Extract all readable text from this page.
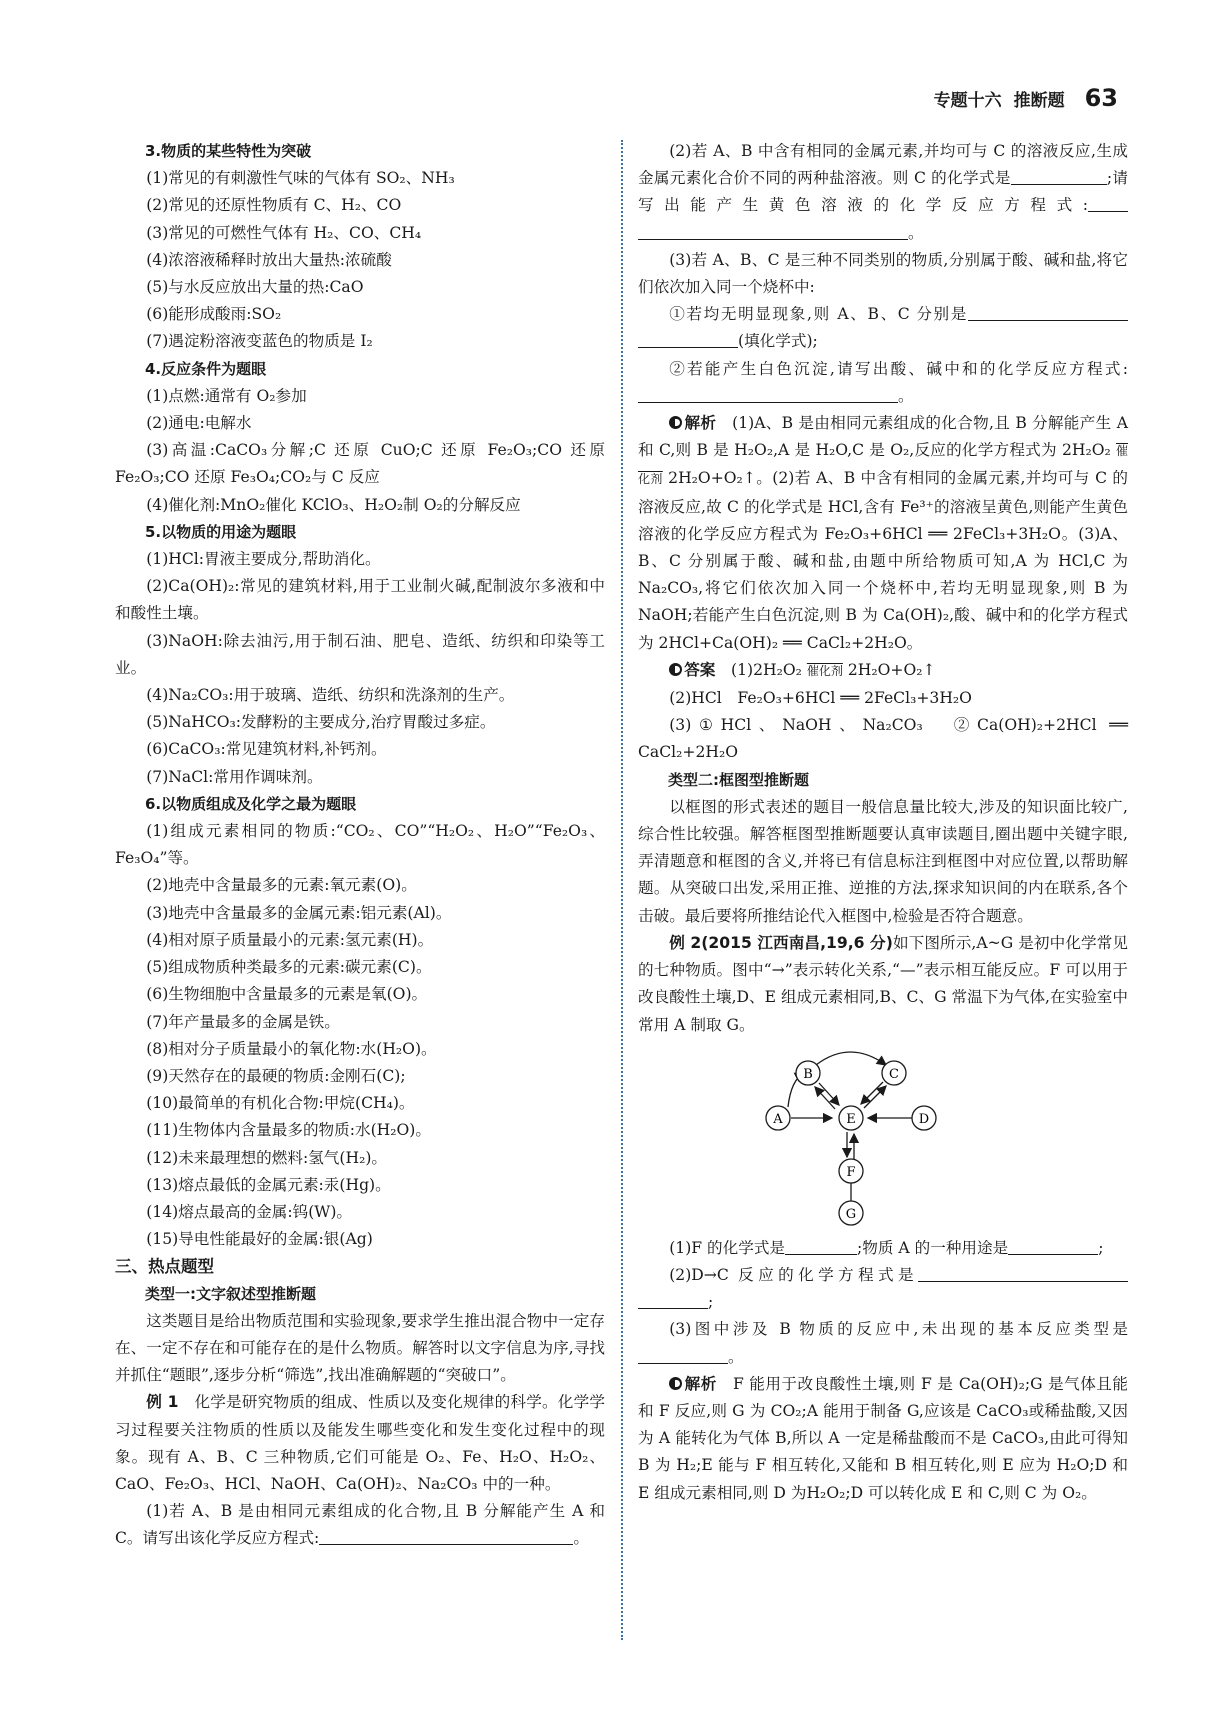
专题十六 推断题 63

3.物质的某些特性为突破

(1)常见的有刺激性气味的气体有 SO₂、NH₃

(2)常见的还原性物质有 C、H₂、CO

(3)常见的可燃性气体有 H₂、CO、CH₄

(4)浓溶液稀释时放出大量热:浓硫酸

(5)与水反应放出大量的热:CaO

(6)能形成酸雨:SO₂

(7)遇淀粉溶液变蓝色的物质是 I₂

4.反应条件为题眼

(1)点燃:通常有 O₂参加

(2)通电:电解水

(3)高温:CaCO₃分解;C 还原 CuO;C 还原 Fe₂O₃;CO 还原 Fe₂O₃;CO 还原 Fe₃O₄;CO₂与 C 反应

(4)催化剂:MnO₂催化 KClO₃、H₂O₂制 O₂的分解反应

5.以物质的用途为题眼

(1)HCl:胃液主要成分,帮助消化。

(2)Ca(OH)₂:常见的建筑材料,用于工业制火碱,配制波尔多液和中和酸性土壤。

(3)NaOH:除去油污,用于制石油、肥皂、造纸、纺织和印染等工业。

(4)Na₂CO₃:用于玻璃、造纸、纺织和洗涤剂的生产。

(5)NaHCO₃:发酵粉的主要成分,治疗胃酸过多症。

(6)CaCO₃:常见建筑材料,补钙剂。

(7)NaCl:常用作调味剂。

6.以物质组成及化学之最为题眼

(1)组成元素相同的物质:“CO₂、CO”“H₂O₂、H₂O”“Fe₂O₃、Fe₃O₄”等。

(2)地壳中含量最多的元素:氧元素(O)。

(3)地壳中含量最多的金属元素:铝元素(Al)。

(4)相对原子质量最小的元素:氢元素(H)。

(5)组成物质种类最多的元素:碳元素(C)。

(6)生物细胞中含量最多的元素是氧(O)。

(7)年产量最多的金属是铁。

(8)相对分子质量最小的氧化物:水(H₂O)。

(9)天然存在的最硬的物质:金刚石(C);

(10)最简单的有机化合物:甲烷(CH₄)。

(11)生物体内含量最多的物质:水(H₂O)。

(12)未来最理想的燃料:氢气(H₂)。

(13)熔点最低的金属元素:汞(Hg)。

(14)熔点最高的金属:钨(W)。

(15)导电性能最好的金属:银(Ag)

三、热点题型

类型一:文字叙述型推断题

这类题目是给出物质范围和实验现象,要求学生推出混合物中一定存在、一定不存在和可能存在的是什么物质。解答时以文字信息为序,寻找并抓住“题眼”,逐步分析“筛选”,找出准确解题的“突破口”。

例 1　 化学是研究物质的组成、性质以及变化规律的科学。化学学习过程要关注物质的性质以及能发生哪些变化和发生变化过程中的现象。现有 A、B、C 三种物质,它们可能是 O₂、Fe、H₂O、H₂O₂、CaO、Fe₂O₃、HCl、NaOH、Ca(OH)₂、Na₂CO₃ 中的一种。

(1)若 A、B 是由相同元素组成的化合物,且 B 分解能产生 A 和 C。请写出该化学反应方程式:	。

(2)若 A、B 中含有相同的金属元素,并均可与 C 的溶液反应,生成金属元素化合价不同的两种盐溶液。则 C 的化学式是	;请写出能产生黄色溶液的化学反应方程式:。

(3)若 A、B、C 是三种不同类别的物质,分别属于酸、碱和盐,将它们依次加入同一个烧杯中:

①若均无明显现象,则 A、B、C 分别是(填化学式);

②若能产生白色沉淀,请写出酸、碱中和的化学反应方程式:。

解析　 (1)A、B 是由相同元素组成的化合物,且 B 分解能产生 A 和 C,则 B 是 H₂O₂,A 是 H₂O,C 是 O₂,反应的化学方程式为 2H₂O₂ 催化剂 2H₂O+O₂↑。(2)若 A、B 中含有相同的金属元素,并均可与 C 的溶液反应,故 C 的化学式是 HCl,含有 Fe³⁺的溶液呈黄色,则能产生黄色溶液的化学反应方程式为 Fe₂O₃+6HCl ══ 2FeCl₃+3H₂O。(3)A、B、C 分别属于酸、碱和盐,由题中所给物质可知,A 为 HCl,C 为 Na₂CO₃,将它们依次加入同一个烧杯中,若均无明显现象,则 B 为 NaOH;若能产生白色沉淀,则 B 为 Ca(OH)₂,酸、碱中和的化学方程式为 2HCl+Ca(OH)₂ ══ CaCl₂+2H₂O。

答案　 (1)2H₂O₂ 催化剂 2H₂O+O₂↑

(2)HCl　Fe₂O₃+6HCl ══ 2FeCl₃+3H₂O

(3)①HCl、NaOH、Na₂CO₃　②Ca(OH)₂+2HCl ══ CaCl₂+2H₂O

类型二:框图型推断题

以框图的形式表述的题目一般信息量比较大,涉及的知识面比较广,综合性比较强。解答框图型推断题要认真审读题目,圈出题中关键字眼,弄清题意和框图的含义,并将已有信息标注到框图中对应位置,以帮助解题。从突破口出发,采用正推、逆推的方法,探求知识间的内在联系,各个击破。最后要将所推结论代入框图中,检验是否符合题意。

例 2(2015 江西南昌,19,6 分)如下图所示,A~G 是初中化学常见的七种物质。图中“→”表示转化关系,“—”表示相互能反应。F 可以用于改良酸性土壤,D、E 组成元素相同,B、C、G 常温下为气体,在实验室中常用 A 制取 G。

A
B	C
D
E
F
G

(1)F 的化学式是	;物质 A 的一种用途是	;

(2)D→C 反应的化学方程式是;

(3)图中涉及 B 物质的反应中,未出现的基本反应类型是。

解析　 F 能用于改良酸性土壤,则 F 是 Ca(OH)₂;G 是气体且能和 F 反应,则 G 为 CO₂;A 能用于制备 G,应该是 CaCO₃或稀盐酸,又因为 A 能转化为气体 B,所以 A 一定是稀盐酸而不是 CaCO₃,由此可得知 B 为 H₂;E 能与 F 相互转化,又能和 B 相互转化,则 E 应为 H₂O;D 和 E 组成元素相同,则 D 为H₂O₂;D 可以转化成 E 和 C,则 C 为 O₂。
